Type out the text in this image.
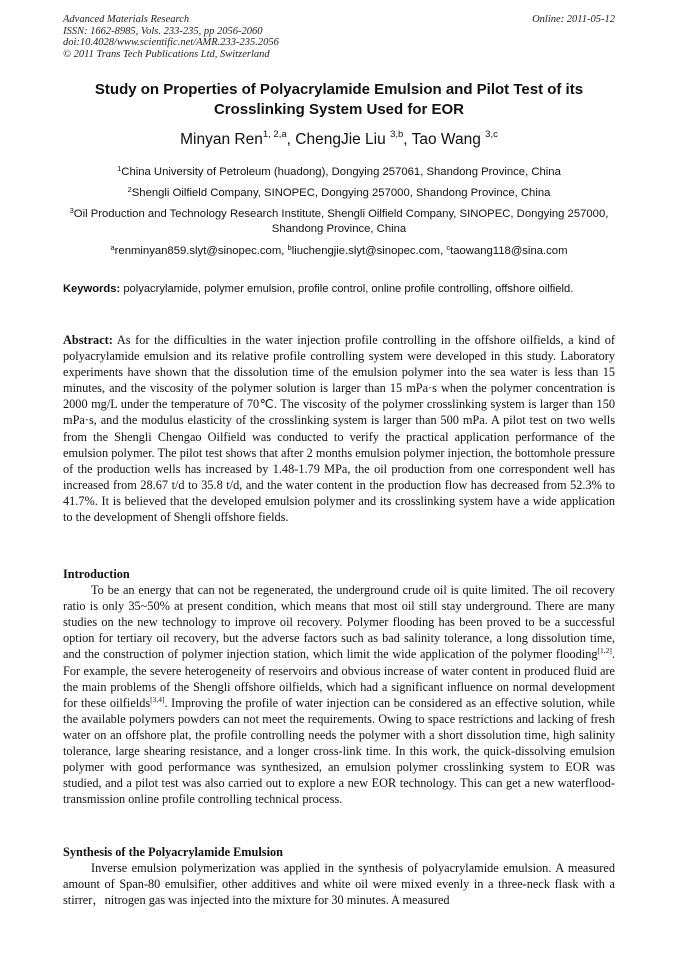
Advanced Materials Research
ISSN: 1662-8985, Vols. 233-235, pp 2056-2060
doi:10.4028/www.scientific.net/AMR.233-235.2056
© 2011 Trans Tech Publications Ltd, Switzerland
Online: 2011-05-12
Study on Properties of Polyacrylamide Emulsion and Pilot Test of its
Crosslinking System Used for EOR
Minyan Ren$^{1, 2,a}$, ChengJie Liu $^{3,b}$, Tao Wang $^{3,c}$
$^1$China University of Petroleum (huadong), Dongying 257061, Shandong Province, China
$^2$Shengli Oilfield Company, SINOPEC, Dongying 257000, Shandong Province, China
$^3$Oil Production and Technology Research Institute, Shengli Oilfield Company, SINOPEC, Dongying 257000, Shandong Province, China
$^a$renminyan859.slyt@sinopec.com, $^b$liuchengjie.slyt@sinopec.com, $^c$taowang118@sina.com
Keywords: polyacrylamide, polymer emulsion, profile control, online profile controlling, offshore oilfield.
Abstract: As for the difficulties in the water injection profile controlling in the offshore oilfields, a kind of polyacrylamide emulsion and its relative profile controlling system were developed in this study. Laboratory experiments have shown that the dissolution time of the emulsion polymer into the sea water is less than 15 minutes, and the viscosity of the polymer solution is larger than 15 mPa·s when the polymer concentration is 2000 mg/L under the temperature of 70℃. The viscosity of the polymer crosslinking system is larger than 150 mPa·s, and the modulus elasticity of the crosslinking system is larger than 500 mPa. A pilot test on two wells from the Shengli Chengao Oilfield was conducted to verify the practical application performance of the emulsion polymer. The pilot test shows that after 2 months emulsion polymer injection, the bottomhole pressure of the production wells has increased by 1.48-1.79 MPa, the oil production from one correspondent well has increased from 28.67 t/d to 35.8 t/d, and the water content in the production flow has decreased from 52.3% to 41.7%. It is believed that the developed emulsion polymer and its crosslinking system have a wide application to the development of Shengli offshore fields.
Introduction

To be an energy that can not be regenerated, the underground crude oil is quite limited. The oil recovery ratio is only 35~50% at present condition, which means that most oil still stay underground. There are many studies on the new technology to improve oil recovery. Polymer flooding has been proved to be a successful option for tertiary oil recovery, but the adverse factors such as bad salinity tolerance, a long dissolution time, and the construction of polymer injection station, which limit the wide application of the polymer flooding[1,2]. For example, the severe heterogeneity of reservoirs and obvious increase of water content in produced fluid are the main problems of the Shengli offshore oilfields, which had a significant influence on normal development for these oilfields[3,4]. Improving the profile of water injection can be considered as an effective solution, while the available polymers powders can not meet the requirements. Owing to space restrictions and lacking of fresh water on an offshore plat, the profile controlling needs the polymer with a short dissolution time, high salinity tolerance, large shearing resistance, and a longer cross-link time. In this work, the quick-dissolving emulsion polymer with good performance was synthesized, an emulsion polymer crosslinking system to EOR was studied, and a pilot test was also carried out to explore a new EOR technology. This can get a new waterflood-transmission online profile controlling technical process.

Synthesis of the Polyacrylamide Emulsion

Inverse emulsion polymerization was applied in the synthesis of polyacrylamide emulsion. A measured amount of Span-80 emulsifier, other additives and white oil were mixed evenly in a three-neck flask with a stirrer，nitrogen gas was injected into the mixture for 30 minutes. A measured
